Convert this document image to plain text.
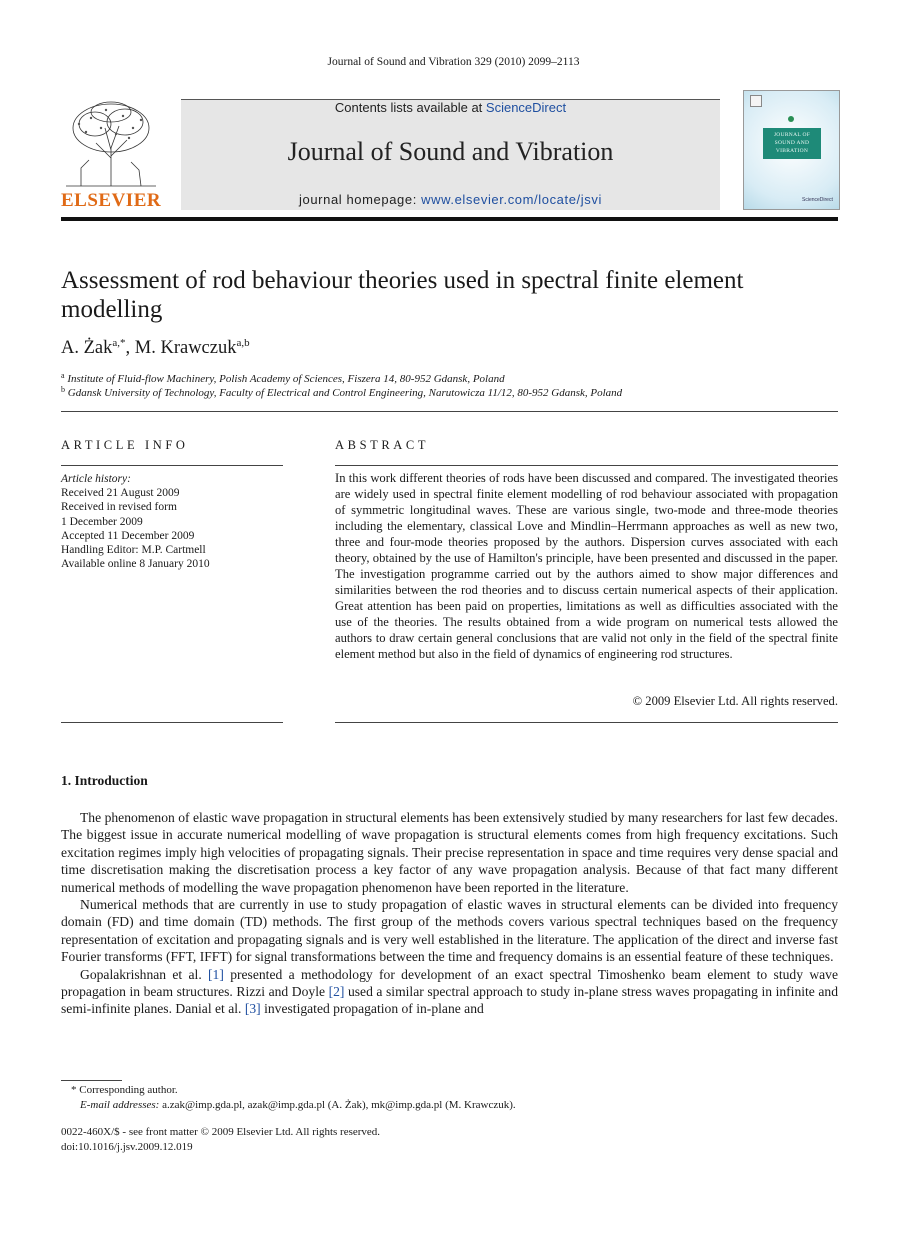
Journal of Sound and Vibration 329 (2010) 2099–2113
ELSEVIER
Contents lists available at ScienceDirect
Journal of Sound and Vibration
journal homepage: www.elsevier.com/locate/jsvi
JOURNAL OF SOUND AND VIBRATION
ScienceDirect
Assessment of rod behaviour theories used in spectral finite element modelling
A. Żak$^{a,*}$, M. Krawczuk$^{a,b}$
$^a$ Institute of Fluid-flow Machinery, Polish Academy of Sciences, Fiszera 14, 80-952 Gdansk, Poland
$^b$ Gdansk University of Technology, Faculty of Electrical and Control Engineering, Narutowicza 11/12, 80-952 Gdansk, Poland
ARTICLE INFO
Article history:
Received 21 August 2009
Received in revised form
1 December 2009
Accepted 11 December 2009
Handling Editor: M.P. Cartmell
Available online 8 January 2010
ABSTRACT
In this work different theories of rods have been discussed and compared. The investigated theories are widely used in spectral finite element modelling of rod behaviour associated with propagation of symmetric longitudinal waves. These are various single, two-mode and three-mode theories including the elementary, classical Love and Mindlin–Herrmann approaches as well as new two, three and four-mode theories proposed by the authors. Dispersion curves associated with each theory, obtained by the use of Hamilton's principle, have been presented and discussed in the paper. The investigation programme carried out by the authors aimed to show major differences and similarities between the rod theories and to discuss certain numerical aspects of their application. Great attention has been paid on properties, limitations as well as difficulties associated with the use of the theories. The results obtained from a wide program on numerical tests allowed the authors to draw certain general conclusions that are valid not only in the field of the spectral finite element method but also in the field of dynamics of engineering rod structures.
© 2009 Elsevier Ltd. All rights reserved.
1. Introduction

The phenomenon of elastic wave propagation in structural elements has been extensively studied by many researchers for last few decades. The biggest issue in accurate numerical modelling of wave propagation is structural elements comes from high frequency excitations. Such excitation regimes imply high velocities of propagating signals. Their precise representation in space and time requires very dense spacial and time discretisation making the discretisation process a key factor of any wave propagation analysis. Because of that fact many different numerical methods of modelling the wave propagation phenomenon have been reported in the literature.

Numerical methods that are currently in use to study propagation of elastic waves in structural elements can be divided into frequency domain (FD) and time domain (TD) methods. The first group of the methods covers various spectral techniques based on the frequency representation of excitation and propagating signals and is very well established in the literature. The application of the direct and inverse fast Fourier transforms (FFT, IFFT) for signal transformations between the time and frequency domains is an essential feature of these techniques.

Gopalakrishnan et al. [1] presented a methodology for development of an exact spectral Timoshenko beam element to study wave propagation in beam structures. Rizzi and Doyle [2] used a similar spectral approach to study in-plane stress waves propagating in infinite and semi-infinite planes. Danial et al. [3] investigated propagation of in-plane and

* Corresponding author.
E-mail addresses: a.zak@imp.gda.pl, azak@imp.gda.pl (A. Żak), mk@imp.gda.pl (M. Krawczuk).
0022-460X/$ - see front matter © 2009 Elsevier Ltd. All rights reserved.
doi:10.1016/j.jsv.2009.12.019
